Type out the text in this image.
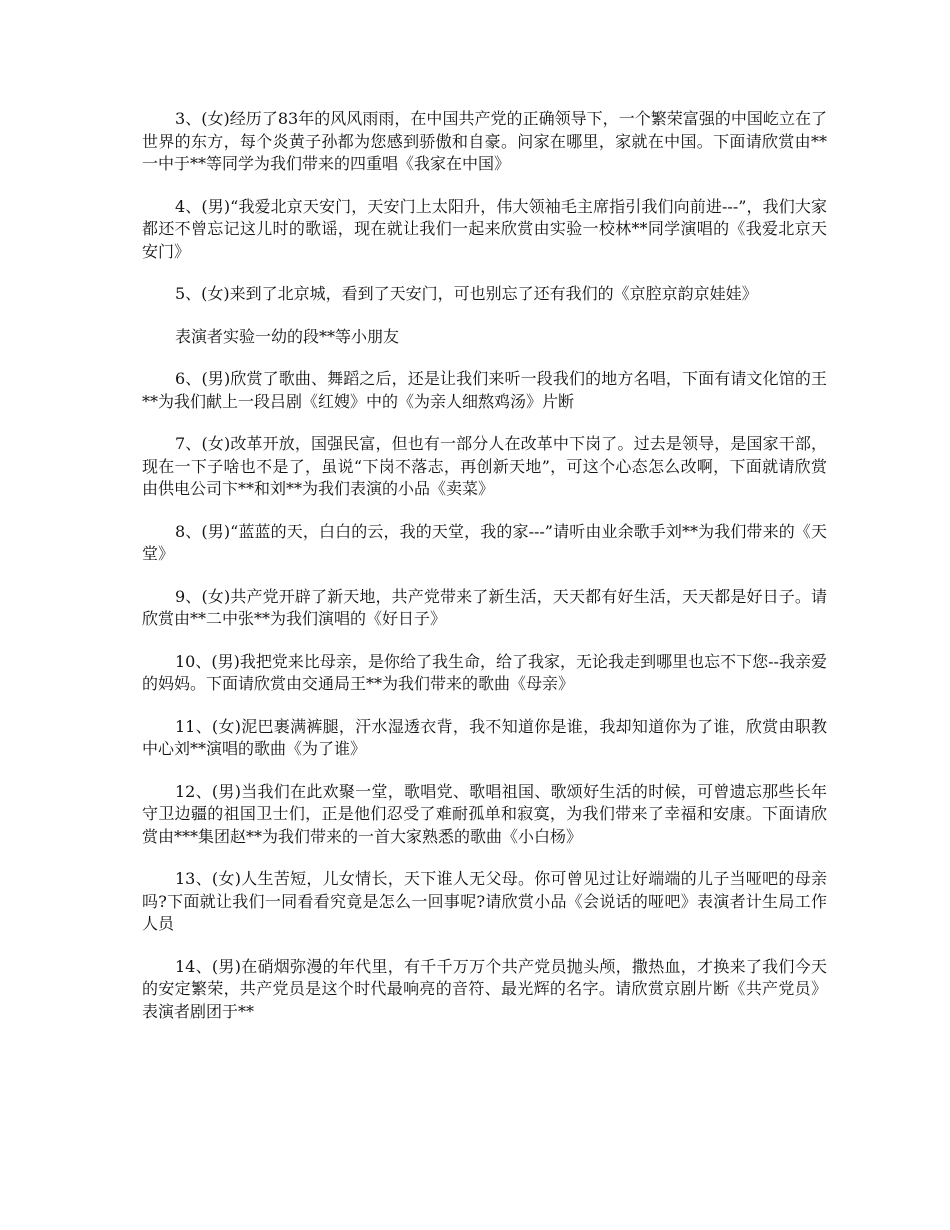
3、(女)经历了83年的风风雨雨，在中国共产党的正确领导下，一个繁荣富强的中国屹立在了世界的东方，每个炎黄子孙都为您感到骄傲和自豪。问家在哪里，家就在中国。下面请欣赏由**一中于**等同学为我们带来的四重唱《我家在中国》

4、(男)“我爱北京天安门，天安门上太阳升，伟大领袖毛主席指引我们向前进---”，我们大家都还不曾忘记这儿时的歌谣，现在就让我们一起来欣赏由实验一校林**同学演唱的《我爱北京天安门》

5、(女)来到了北京城，看到了天安门，可也别忘了还有我们的《京腔京韵京娃娃》

表演者实验一幼的段**等小朋友

6、(男)欣赏了歌曲、舞蹈之后，还是让我们来听一段我们的地方名唱，下面有请文化馆的王**为我们献上一段吕剧《红嫂》中的《为亲人细熬鸡汤》片断

7、(女)改革开放，国强民富，但也有一部分人在改革中下岗了。过去是领导，是国家干部，现在一下子啥也不是了，虽说“下岗不落志，再创新天地”，可这个心态怎么改啊，下面就请欣赏由供电公司卞**和刘**为我们表演的小品《卖菜》

8、(男)“蓝蓝的天，白白的云，我的天堂，我的家---”请听由业余歌手刘**为我们带来的《天堂》

9、(女)共产党开辟了新天地，共产党带来了新生活，天天都有好生活，天天都是好日子。请欣赏由**二中张**为我们演唱的《好日子》

10、(男)我把党来比母亲，是你给了我生命，给了我家，无论我走到哪里也忘不下您--我亲爱的妈妈。下面请欣赏由交通局王**为我们带来的歌曲《母亲》

11、(女)泥巴裹满裤腿，汗水湿透衣背，我不知道你是谁，我却知道你为了谁，欣赏由职教中心刘**演唱的歌曲《为了谁》

12、(男)当我们在此欢聚一堂，歌唱党、歌唱祖国、歌颂好生活的时候，可曾遗忘那些长年守卫边疆的祖国卫士们，正是他们忍受了难耐孤单和寂寞，为我们带来了幸福和安康。下面请欣赏由***集团赵**为我们带来的一首大家熟悉的歌曲《小白杨》

13、(女)人生苦短，儿女情长，天下谁人无父母。你可曾见过让好端端的儿子当哑吧的母亲吗?下面就让我们一同看看究竟是怎么一回事呢?请欣赏小品《会说话的哑吧》表演者计生局工作人员

14、(男)在硝烟弥漫的年代里，有千千万万个共产党员抛头颅，撒热血，才换来了我们今天的安定繁荣，共产党员是这个时代最响亮的音符、最光辉的名字。请欣赏京剧片断《共产党员》表演者剧团于**
